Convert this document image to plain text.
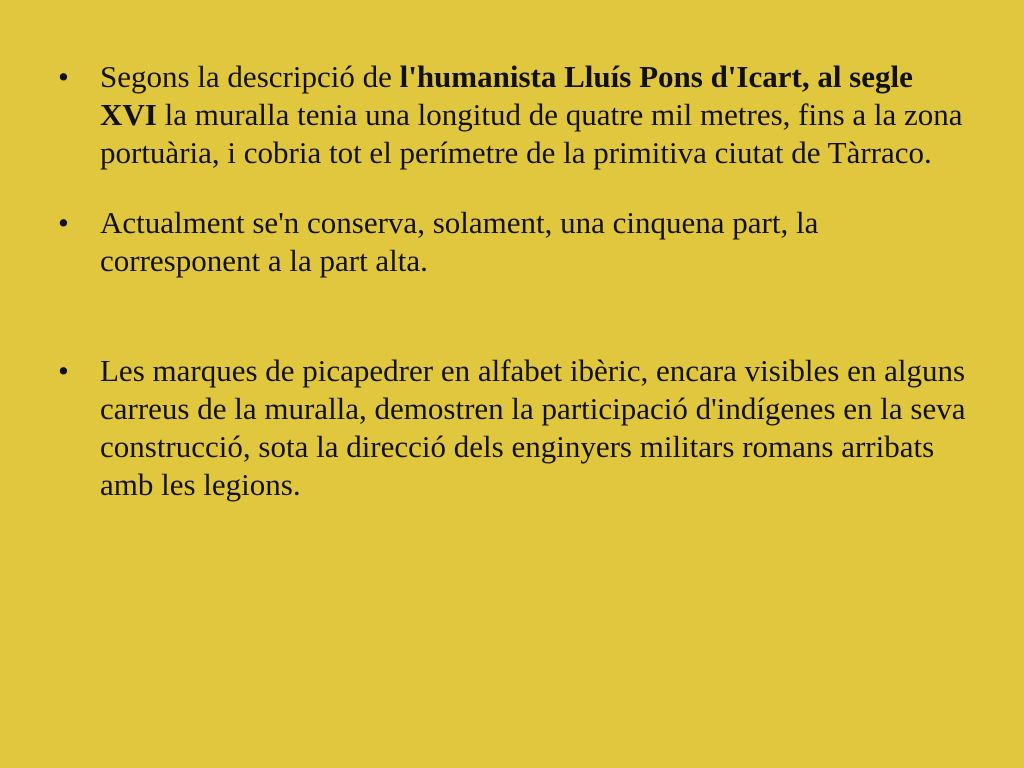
•	Segons la descripció de l'humanista Lluís Pons d'Icart, al segle XVI la muralla tenia una longitud de quatre mil metres, fins a la zona portuària, i cobria tot el perímetre de la primitiva ciutat de Tàrraco.
•	Actualment se'n conserva, solament, una cinquena part, la corresponent a la part alta.
•	Les marques de picapedrer en alfabet ibèric, encara visibles en alguns carreus de la muralla, demostren la participació d'indígenes en la seva construcció, sota la direcció dels enginyers militars romans arribats amb les legions.
